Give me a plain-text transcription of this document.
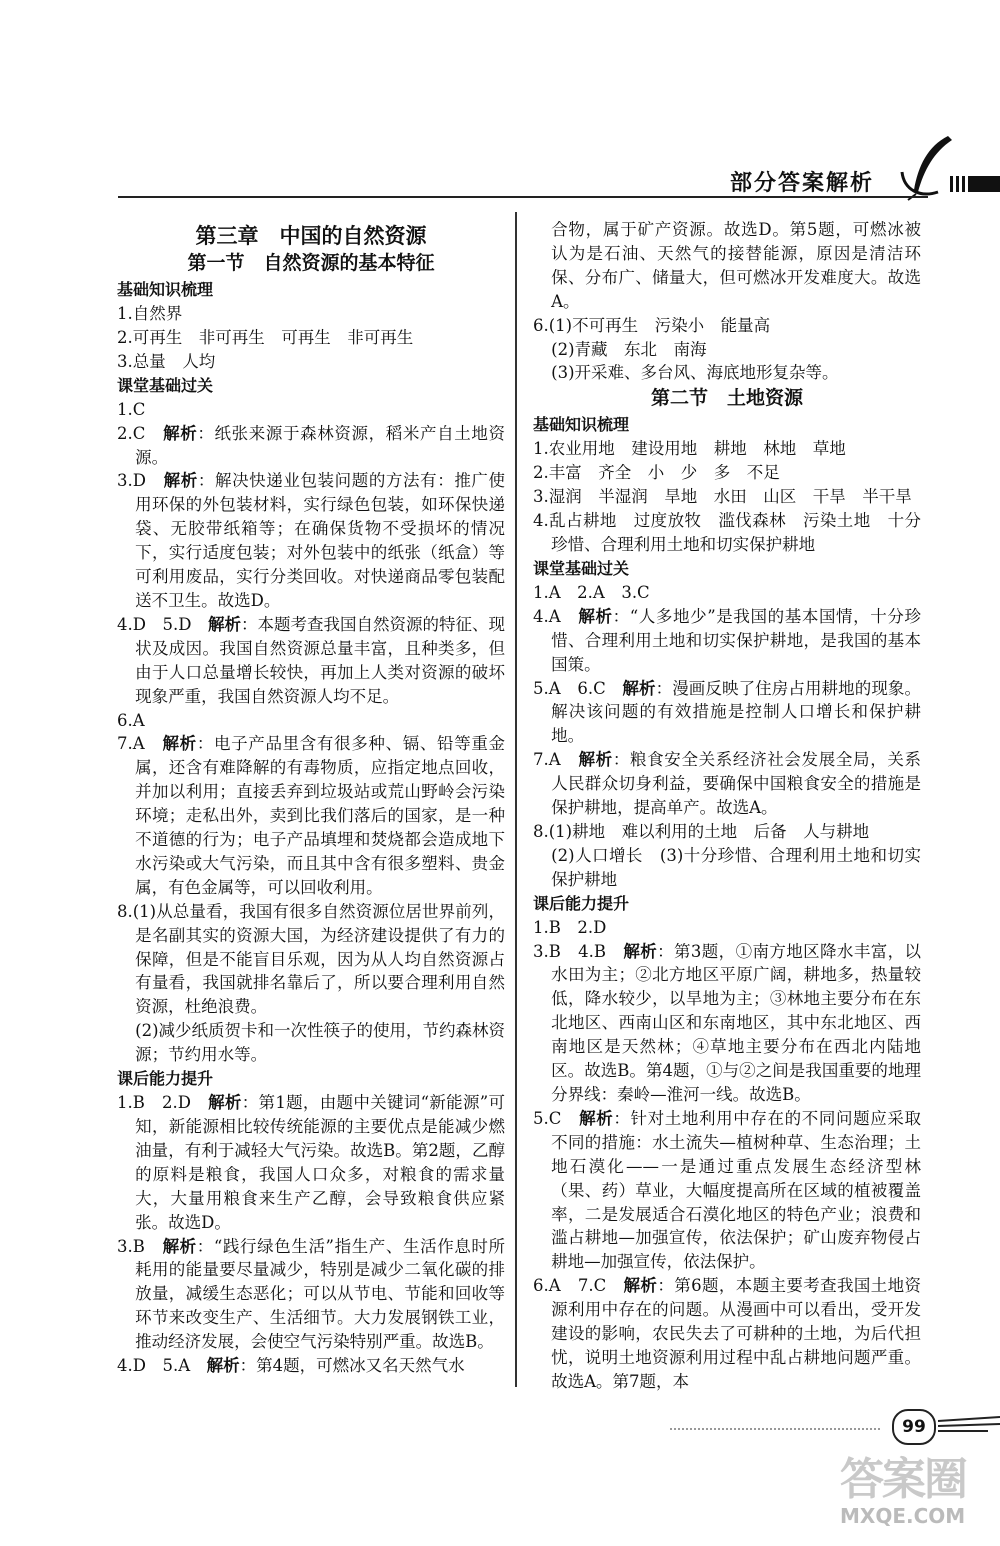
部分答案解析
第三章　中国的自然资源
第一节　自然资源的基本特征
基础知识梳理
1.自然界
2.可再生　非可再生　可再生　非可再生
3.总量　人均
课堂基础过关
1.C
2.C　解析：纸张来源于森林资源，稻米产自土地资源。
3.D　解析：解决快递业包装问题的方法有：推广使用环保的外包装材料，实行绿色包装，如环保快递袋、无胶带纸箱等；在确保货物不受损坏的情况下，实行适度包装；对外包装中的纸张（纸盒）等可利用废品，实行分类回收。对快递商品零包装配送不卫生。故选D。
4.D　5.D　解析：本题考查我国自然资源的特征、现状及成因。我国自然资源总量丰富，且种类多，但由于人口总量增长较快，再加上人类对资源的破坏现象严重，我国自然资源人均不足。
6.A
7.A　解析：电子产品里含有很多种、镉、铅等重金属，还含有难降解的有毒物质，应指定地点回收，并加以利用；直接丢弃到垃圾站或荒山野岭会污染环境；走私出外，卖到比我们落后的国家，是一种不道德的行为；电子产品填埋和焚烧都会造成地下水污染或大气污染，而且其中含有很多塑料、贵金属，有色金属等，可以回收利用。
8.(1)从总量看，我国有很多自然资源位居世界前列，是名副其实的资源大国，为经济建设提供了有力的保障，但是不能盲目乐观，因为从人均自然资源占有量看，我国就排名靠后了，所以要合理利用自然资源，杜绝浪费。
(2)减少纸质贺卡和一次性筷子的使用，节约森林资源；节约用水等。
课后能力提升
1.B　2.D　解析：第1题，由题中关键词“新能源”可知，新能源相比较传统能源的主要优点是能减少燃油量，有利于减轻大气污染。故选B。第2题，乙醇的原料是粮食，我国人口众多，对粮食的需求量大，大量用粮食来生产乙醇，会导致粮食供应紧张。故选D。
3.B　解析：“践行绿色生活”指生产、生活作息时所耗用的能量要尽量减少，特别是减少二氧化碳的排放量，减缓生态恶化；可以从节电、节能和回收等环节来改变生产、生活细节。大力发展钢铁工业，推动经济发展，会使空气污染特别严重。故选B。
4.D　5.A　解析：第4题，可燃冰又名天然气水
合物，属于矿产资源。故选D。第5题，可燃冰被认为是石油、天然气的接替能源，原因是清洁环保、分布广、储量大，但可燃冰开发难度大。故选A。
6.(1)不可再生　污染小　能量高
(2)青藏　东北　南海
(3)开采难、多台风、海底地形复杂等。
第二节　土地资源
基础知识梳理
1.农业用地　建设用地　耕地　林地　草地
2.丰富　齐全　小　少　多　不足
3.湿润　半湿润　旱地　水田　山区　干旱　半干旱
4.乱占耕地　过度放牧　滥伐森林　污染土地　十分珍惜、合理利用土地和切实保护耕地
课堂基础过关
1.A　2.A　3.C
4.A　解析：“人多地少”是我国的基本国情，十分珍惜、合理利用土地和切实保护耕地，是我国的基本国策。
5.A　6.C　解析：漫画反映了住房占用耕地的现象。解决该问题的有效措施是控制人口增长和保护耕地。
7.A　解析：粮食安全关系经济社会发展全局，关系人民群众切身利益，要确保中国粮食安全的措施是保护耕地，提高单产。故选A。
8.(1)耕地　难以利用的土地　后备　人与耕地
(2)人口增长　(3)十分珍惜、合理利用土地和切实保护耕地
课后能力提升
1.B　2.D
3.B　4.B　解析：第3题，①南方地区降水丰富，以水田为主；②北方地区平原广阔，耕地多，热量较低，降水较少，以旱地为主；③林地主要分布在东北地区、西南山区和东南地区，其中东北地区、西南地区是天然林；④草地主要分布在西北内陆地区。故选B。第4题，①与②之间是我国重要的地理分界线：秦岭—淮河一线。故选B。
5.C　解析：针对土地利用中存在的不同问题应采取不同的措施：水土流失—植树种草、生态治理；土地石漠化——一是通过重点发展生态经济型林（果、药）草业，大幅度提高所在区域的植被覆盖率，二是发展适合石漠化地区的特色产业；浪费和滥占耕地—加强宣传，依法保护；矿山废弃物侵占耕地—加强宣传，依法保护。
6.A　7.C　解析：第6题，本题主要考查我国土地资源利用中存在的问题。从漫画中可以看出，受开发建设的影响，农民失去了可耕种的土地，为后代担忧，说明土地资源利用过程中乱占耕地问题严重。故选A。第7题，本
99
答案圈
MXQE.COM
